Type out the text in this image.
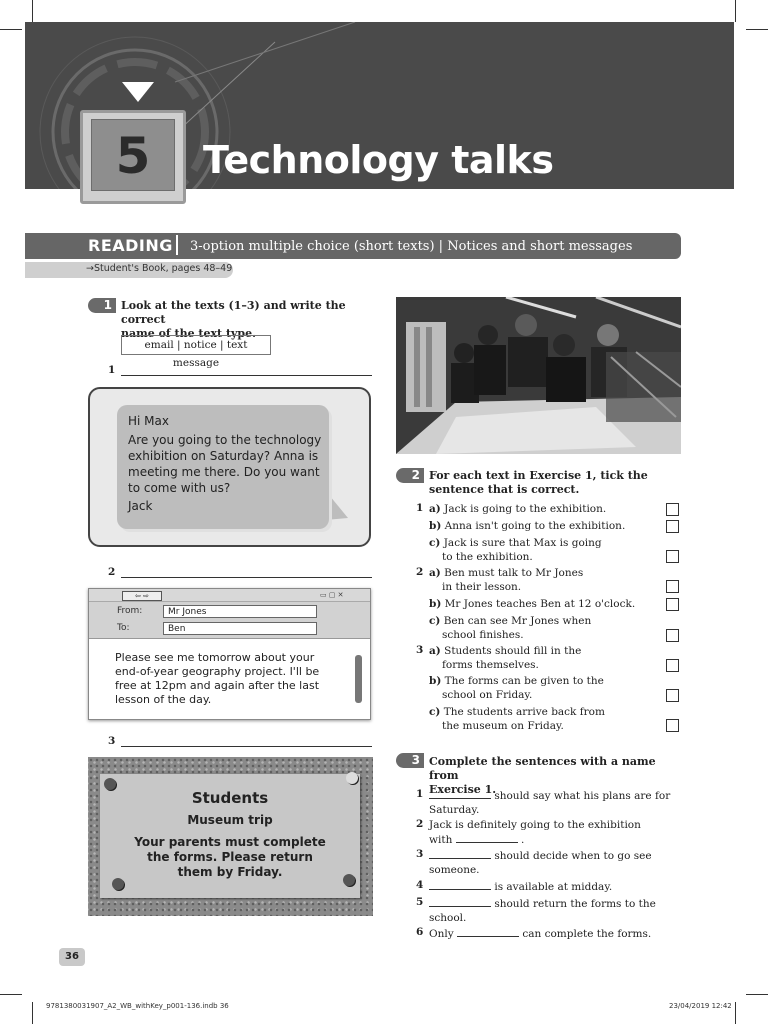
5	Technology talks
READING 3-option multiple choice (short texts) | Notices and short messages
→Student's Book, pages 48–49
1 Look at the texts (1–3) and write the correct
name of the text type.
email | notice | text message
1
Hi Max
Are you going to the technology exhibition on Saturday? Anna is meeting me there. Do you want to come with us?
Jack
2
⇦ ⇨	▭ ▢ ✕
From:	Mr Jones
To:	Ben
Please see me tomorrow about your end-of-year geography project. I'll be free at 12pm and again after the last lesson of the day.
3
Students
Museum trip
Your parents must complete the forms. Please return them by Friday.
2 For each text in Exercise 1, tick the
sentence that is correct.
1 a) Jack is going to the exhibition.
b) Anna isn't going to the exhibition.
c) Jack is sure that Max is going
to the exhibition.
2 a) Ben must talk to Mr Jones
in their lesson.
b) Mr Jones teaches Ben at 12 o'clock.
c) Ben can see Mr Jones when
school finishes.
3 a) Students should fill in the
forms themselves.
b) The forms can be given to the
school on Friday.
c) The students arrive back from
the museum on Friday.
3 Complete the sentences with a name from
Exercise 1.
1	should say what his plans are for
Saturday.
2 Jack is definitely going to the exhibition
with	.
3	should decide when to go see
someone.
4	is available at midday.
5	should return the forms to the
school.
6 Only	can complete the forms.
36
9781380031907_A2_WB_withKey_p001-136.indb 36	23/04/2019 12:42
